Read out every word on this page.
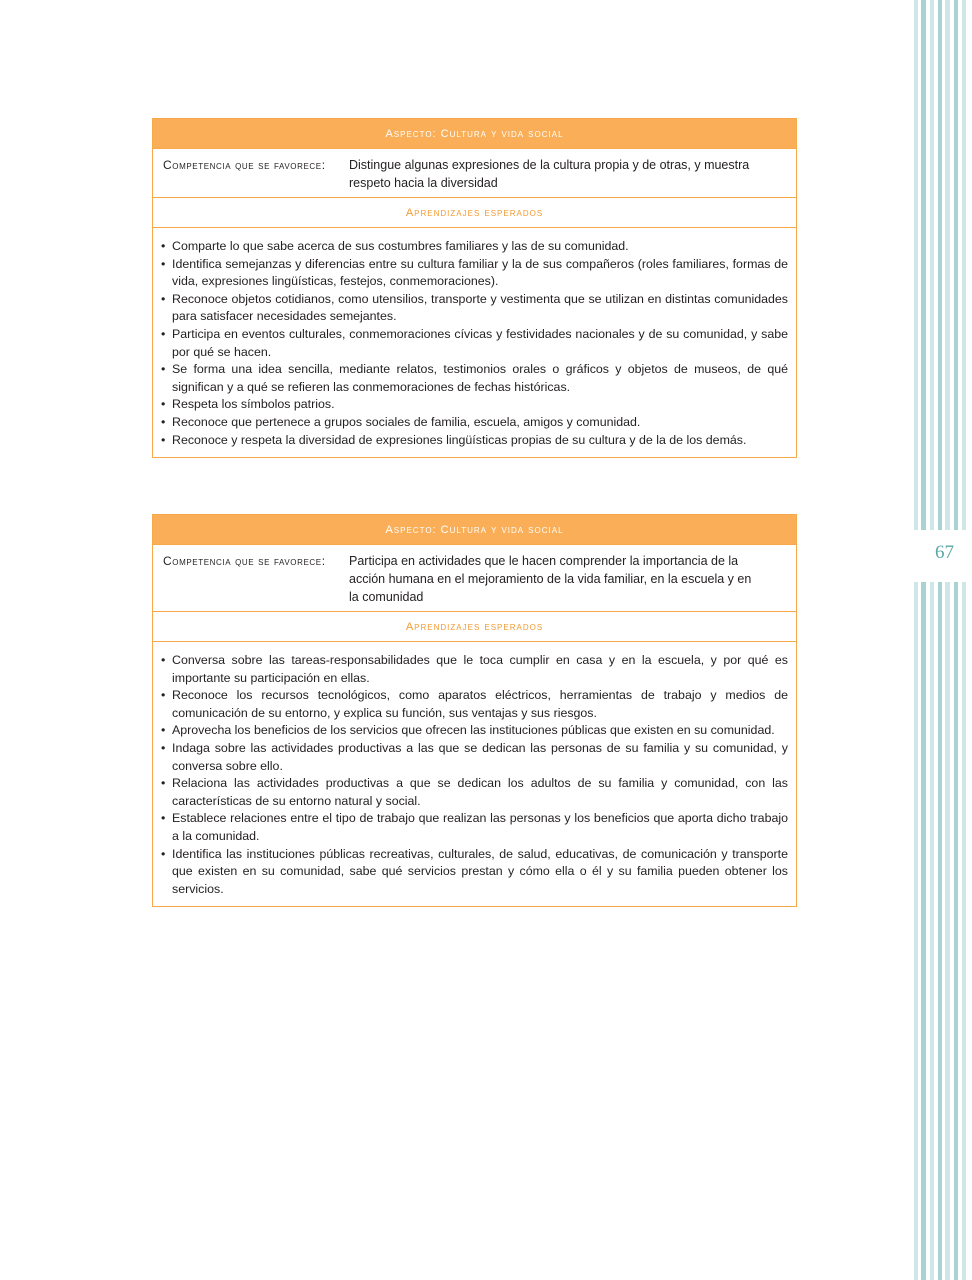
67
Aspecto: Cultura y vida social
Competencia que se favorece:	Distingue algunas expresiones de la cultura propia y de otras, y muestra respeto hacia la diversidad
Aprendizajes esperados
• Comparte lo que sabe acerca de sus costumbres familiares y las de su comunidad.
• Identifica semejanzas y diferencias entre su cultura familiar y la de sus compañeros (roles familiares, formas de vida, expresiones lingüísticas, festejos, conmemoraciones).
• Reconoce objetos cotidianos, como utensilios, transporte y vestimenta que se utilizan en distintas comunidades para satisfacer necesidades semejantes.
• Participa en eventos culturales, conmemoraciones cívicas y festividades nacionales y de su comunidad, y sabe por qué se hacen.
• Se forma una idea sencilla, mediante relatos, testimonios orales o gráficos y objetos de museos, de qué significan y a qué se refieren las conmemoraciones de fechas históricas.
• Respeta los símbolos patrios.
• Reconoce que pertenece a grupos sociales de familia, escuela, amigos y comunidad.
• Reconoce y respeta la diversidad de expresiones lingüísticas propias de su cultura y de la de los demás.
Aspecto: Cultura y vida social
Competencia que se favorece:	Participa en actividades que le hacen comprender la importancia de la acción humana en el mejoramiento de la vida familiar, en la escuela y en la comunidad
Aprendizajes esperados
• Conversa sobre las tareas-responsabilidades que le toca cumplir en casa y en la escuela, y por qué es importante su participación en ellas.
• Reconoce los recursos tecnológicos, como aparatos eléctricos, herramientas de trabajo y medios de comunicación de su entorno, y explica su función, sus ventajas y sus riesgos.
• Aprovecha los beneficios de los servicios que ofrecen las instituciones públicas que existen en su comunidad.
• Indaga sobre las actividades productivas a las que se dedican las personas de su familia y su comunidad, y conversa sobre ello.
• Relaciona las actividades productivas a que se dedican los adultos de su familia y comunidad, con las características de su entorno natural y social.
• Establece relaciones entre el tipo de trabajo que realizan las personas y los beneficios que aporta dicho trabajo a la comunidad.
• Identifica las instituciones públicas recreativas, culturales, de salud, educativas, de comunicación y transporte que existen en su comunidad, sabe qué servicios prestan y cómo ella o él y su familia pueden obtener los servicios.
